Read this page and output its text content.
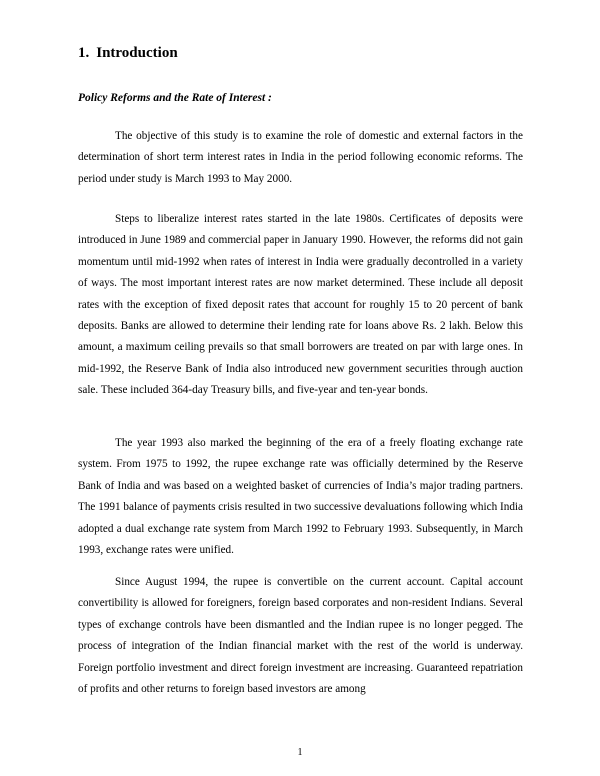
1. Introduction
Policy Reforms and the Rate of Interest :

The objective of this study is to examine the role of domestic and external factors in the determination of short term interest rates in India in the period following economic reforms. The period under study is March 1993 to May 2000.

Steps to liberalize interest rates started in the late 1980s. Certificates of deposits were introduced in June 1989 and commercial paper in January 1990. However, the reforms did not gain momentum until mid-1992 when rates of interest in India were gradually decontrolled in a variety of ways. The most important interest rates are now market determined. These include all deposit rates with the exception of fixed deposit rates that account for roughly 15 to 20 percent of bank deposits. Banks are allowed to determine their lending rate for loans above Rs. 2 lakh. Below this amount, a maximum ceiling prevails so that small borrowers are treated on par with large ones. In mid-1992, the Reserve Bank of India also introduced new government securities through auction sale. These included 364-day Treasury bills, and five-year and ten-year bonds.

The year 1993 also marked the beginning of the era of a freely floating exchange rate system. From 1975 to 1992, the rupee exchange rate was officially determined by the Reserve Bank of India and was based on a weighted basket of currencies of India’s major trading partners. The 1991 balance of payments crisis resulted in two successive devaluations following which India adopted a dual exchange rate system from March 1992 to February 1993. Subsequently, in March 1993, exchange rates were unified.

Since August 1994, the rupee is convertible on the current account. Capital account convertibility is allowed for foreigners, foreign based corporates and non-resident Indians. Several types of exchange controls have been dismantled and the Indian rupee is no longer pegged. The process of integration of the Indian financial market with the rest of the world is underway. Foreign portfolio investment and direct foreign investment are increasing. Guaranteed repatriation of profits and other returns to foreign based investors are among

1
